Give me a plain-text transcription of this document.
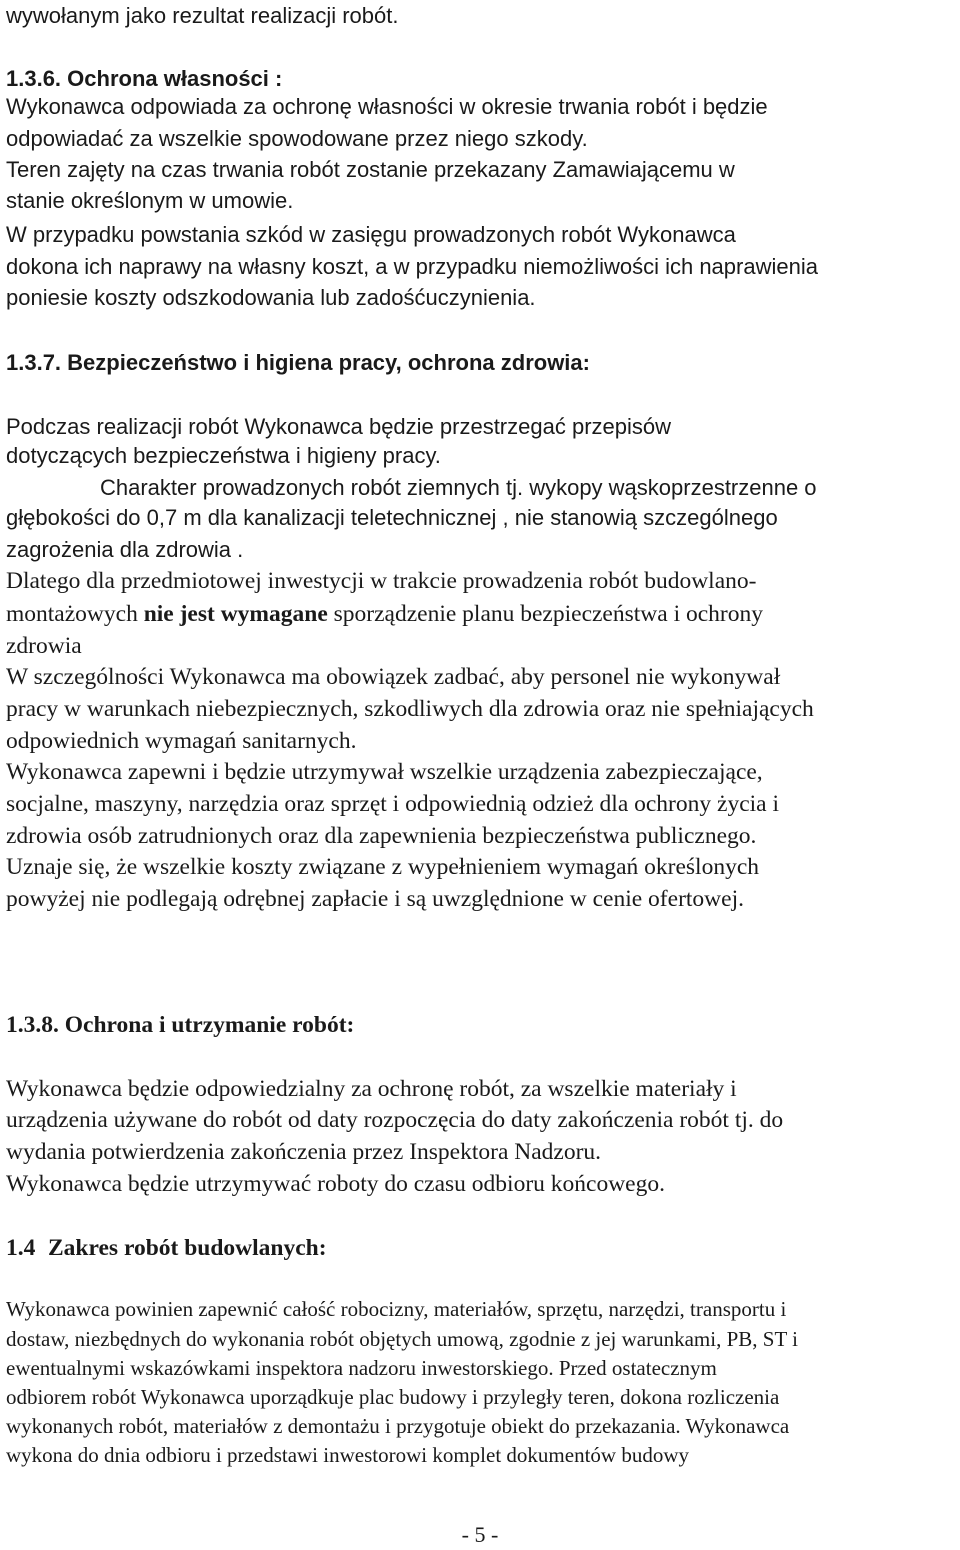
wywołanym jako rezultat realizacji robót.

1.3.6. Ochrona własności :

Wykonawca odpowiada za ochronę własności w okresie trwania robót i będzie

odpowiadać za wszelkie spowodowane przez niego szkody.

Teren zajęty na czas trwania robót zostanie przekazany Zamawiającemu w

stanie określonym w umowie.

W przypadku powstania szkód w zasięgu prowadzonych robót Wykonawca

dokona ich naprawy na własny koszt, a w przypadku niemożliwości ich naprawienia

poniesie koszty odszkodowania lub zadośćuczynienia.

1.3.7. Bezpieczeństwo i higiena pracy, ochrona zdrowia:

Podczas realizacji robót Wykonawca będzie przestrzegać przepisów

dotyczących bezpieczeństwa i higieny pracy.

Charakter prowadzonych robót ziemnych tj. wykopy wąskoprzestrzenne o

głębokości do 0,7 m dla kanalizacji teletechnicznej , nie stanowią szczególnego

zagrożenia dla zdrowia .

Dlatego dla przedmiotowej inwestycji w trakcie prowadzenia robót budowlano-

montażowych nie jest wymagane sporządzenie planu bezpieczeństwa i ochrony

zdrowia

W szczególności Wykonawca ma obowiązek zadbać, aby personel nie wykonywał

pracy w warunkach niebezpiecznych, szkodliwych dla zdrowia oraz nie spełniających

odpowiednich wymagań sanitarnych.

Wykonawca zapewni i będzie utrzymywał wszelkie urządzenia zabezpieczające,

socjalne, maszyny, narzędzia oraz sprzęt i odpowiednią odzież dla ochrony życia i

zdrowia osób zatrudnionych oraz dla zapewnienia bezpieczeństwa publicznego.

Uznaje się, że wszelkie koszty związane z wypełnieniem wymagań określonych

powyżej nie podlegają odrębnej zapłacie i są uwzględnione w cenie ofertowej.

1.3.8. Ochrona i utrzymanie robót:

Wykonawca będzie odpowiedzialny za ochronę robót, za wszelkie materiały i

urządzenia używane do robót od daty rozpoczęcia do daty zakończenia robót tj. do

wydania potwierdzenia zakończenia przez Inspektora Nadzoru.

Wykonawca będzie utrzymywać roboty do czasu odbioru końcowego.

1.4 Zakres robót budowlanych:

Wykonawca powinien zapewnić całość robocizny, materiałów, sprzętu, narzędzi, transportu i

dostaw, niezbędnych do wykonania robót objętych umową, zgodnie z jej warunkami, PB, ST i

ewentualnymi wskazówkami inspektora nadzoru inwestorskiego. Przed ostatecznym

odbiorem robót Wykonawca uporządkuje plac budowy i przyległy teren, dokona rozliczenia

wykonanych robót, materiałów z demontażu i przygotuje obiekt do przekazania. Wykonawca

wykona do dnia odbioru i przedstawi inwestorowi komplet dokumentów budowy

- 5 -
